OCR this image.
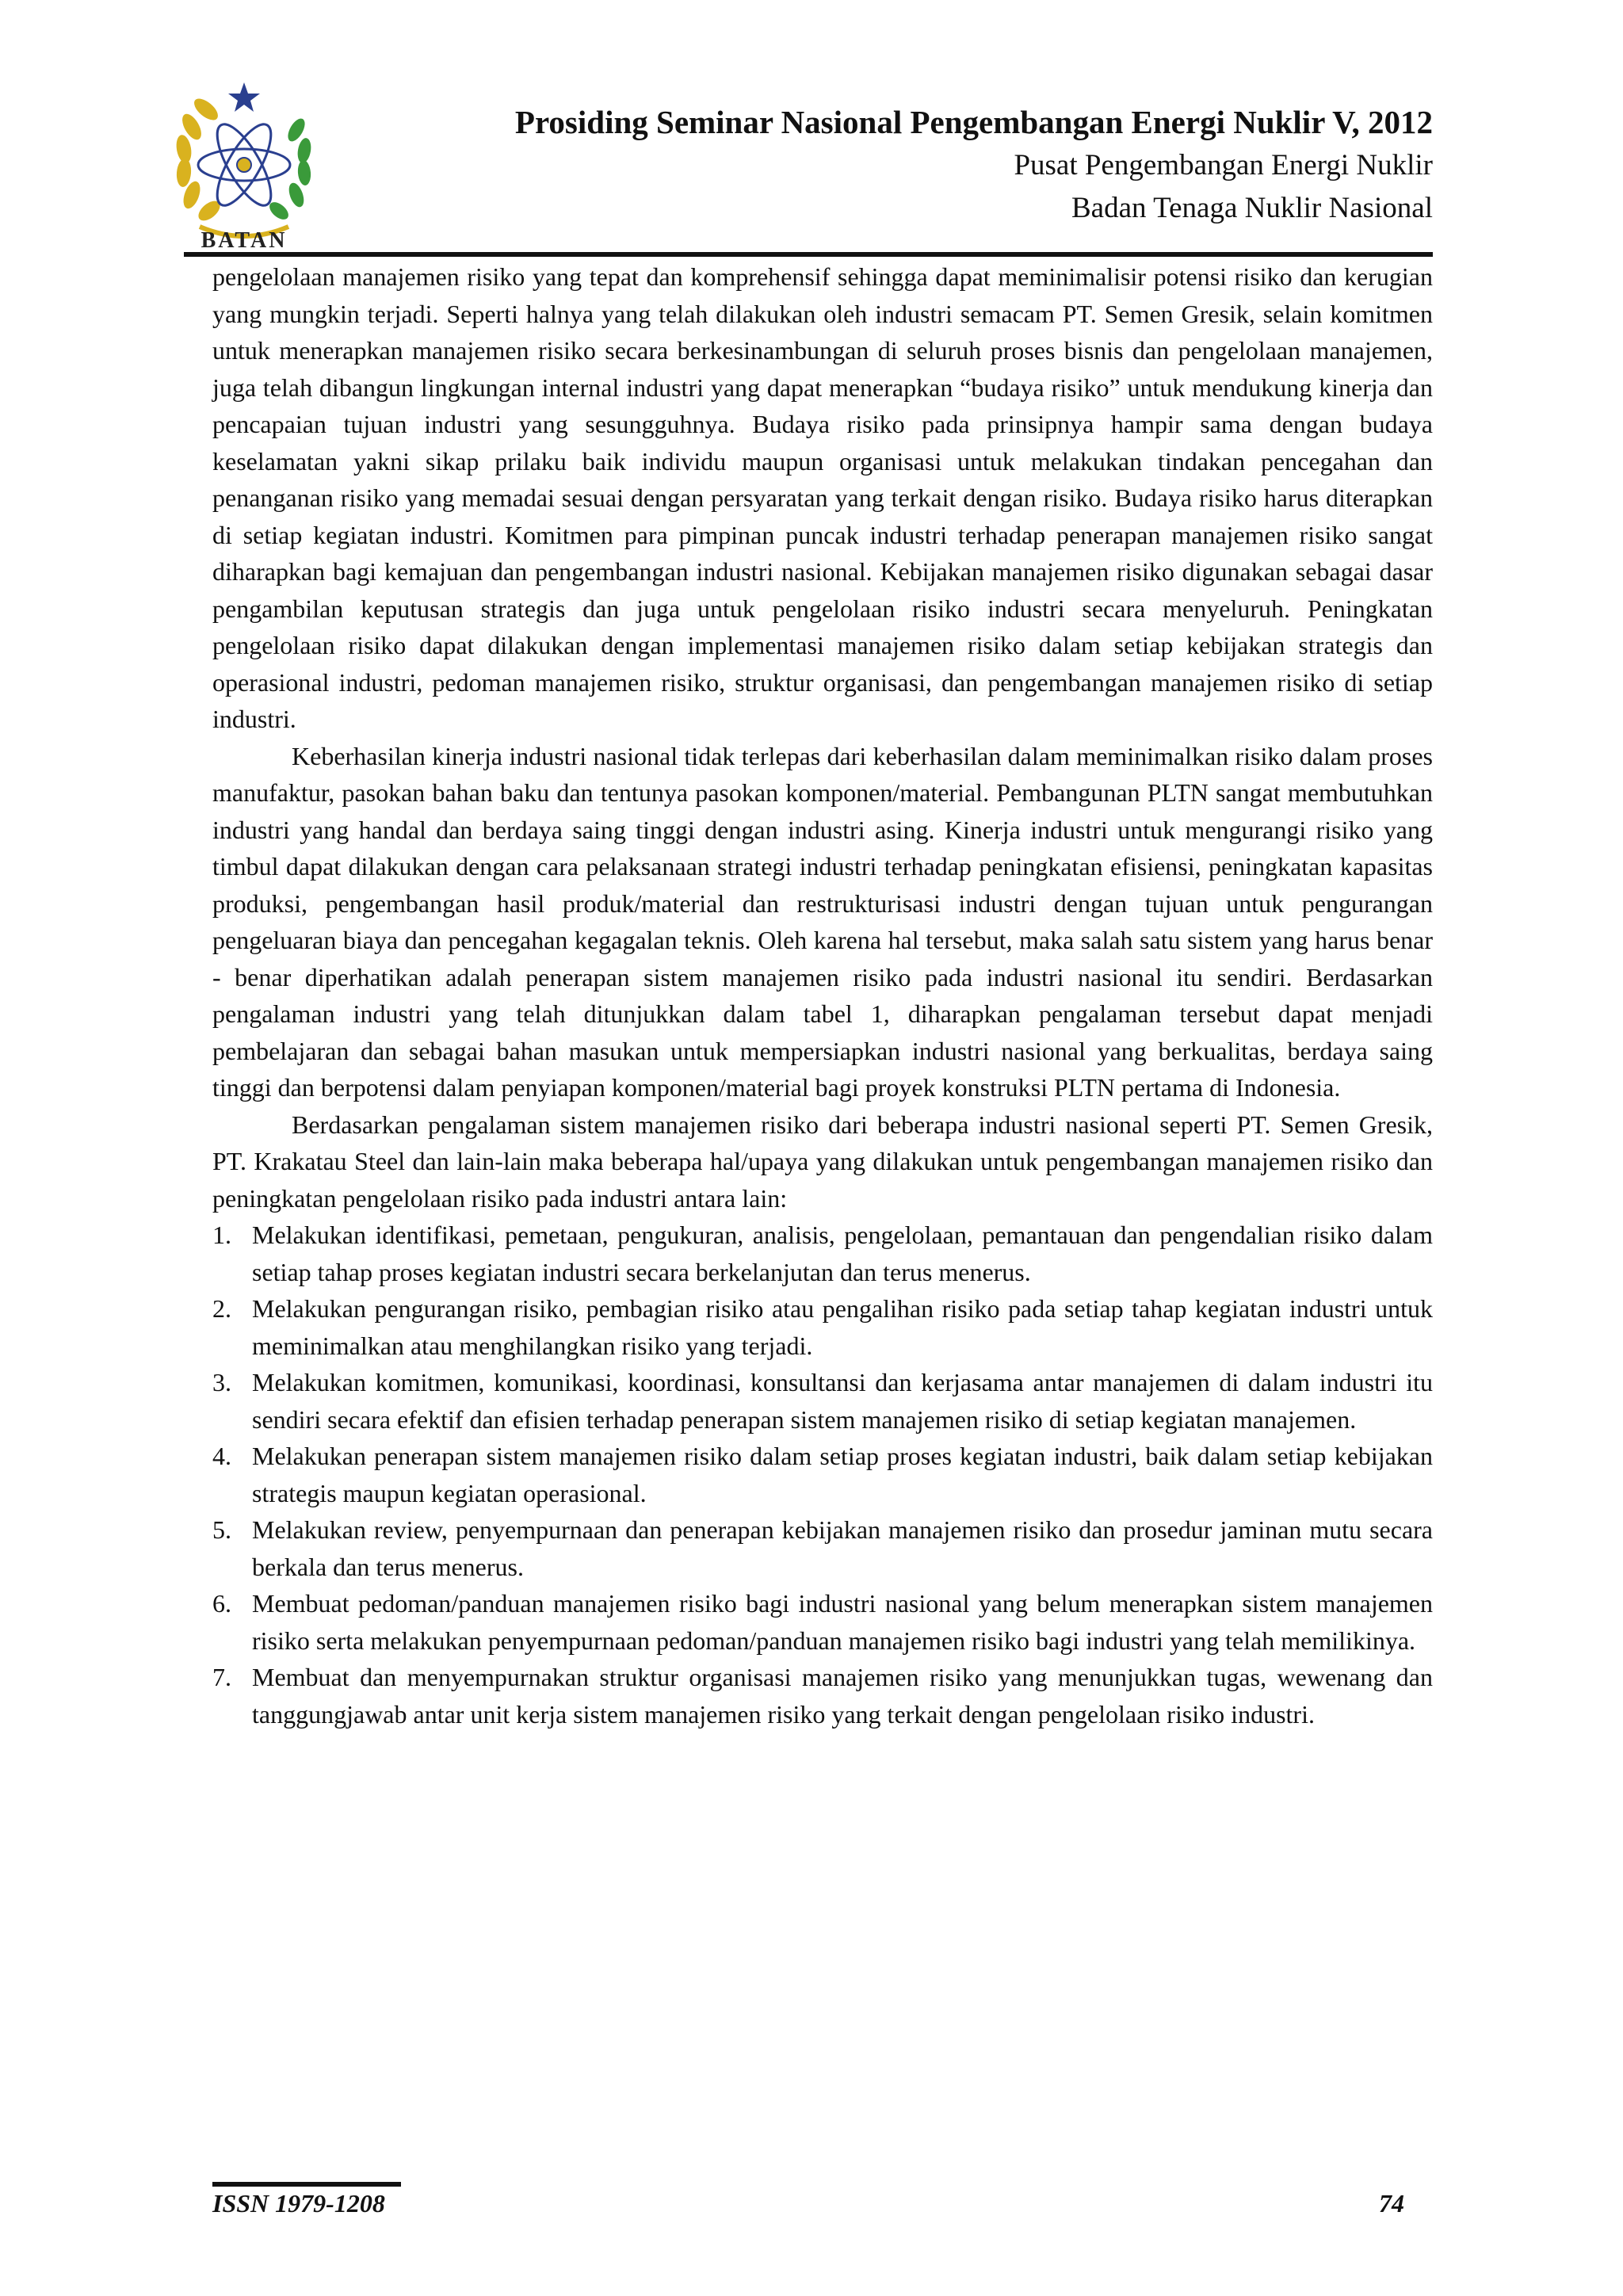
BATAN
Prosiding Seminar Nasional Pengembangan Energi Nuklir V, 2012
Pusat Pengembangan Energi Nuklir
Badan Tenaga Nuklir Nasional

pengelolaan manajemen risiko yang tepat dan komprehensif sehingga dapat meminimalisir potensi risiko dan kerugian yang mungkin terjadi. Seperti halnya yang telah dilakukan oleh industri semacam PT. Semen Gresik, selain komitmen untuk menerapkan manajemen risiko secara berkesinambungan di seluruh proses bisnis dan pengelolaan manajemen, juga telah dibangun lingkungan internal industri yang dapat menerapkan “budaya risiko” untuk mendukung kinerja dan pencapaian tujuan industri yang sesungguhnya. Budaya risiko pada prinsipnya hampir sama dengan budaya keselamatan yakni sikap prilaku baik individu maupun organisasi untuk melakukan tindakan pencegahan dan penanganan risiko yang memadai sesuai dengan persyaratan yang terkait dengan risiko. Budaya risiko harus diterapkan di setiap kegiatan industri. Komitmen para pimpinan puncak industri terhadap penerapan manajemen risiko sangat diharapkan bagi kemajuan dan pengembangan industri nasional. Kebijakan manajemen risiko digunakan sebagai dasar pengambilan keputusan strategis dan juga untuk pengelolaan risiko industri secara menyeluruh. Peningkatan pengelolaan risiko dapat dilakukan dengan implementasi manajemen risiko dalam setiap kebijakan strategis dan operasional industri, pedoman manajemen risiko, struktur organisasi, dan pengembangan manajemen risiko di setiap industri.

Keberhasilan kinerja industri nasional tidak terlepas dari keberhasilan dalam meminimalkan risiko dalam proses manufaktur, pasokan bahan baku dan tentunya pasokan komponen/material. Pembangunan PLTN sangat membutuhkan industri yang handal dan berdaya saing tinggi dengan industri asing. Kinerja industri untuk mengurangi risiko yang timbul dapat dilakukan dengan cara pelaksanaan strategi industri terhadap peningkatan efisiensi, peningkatan kapasitas produksi, pengembangan hasil produk/material dan restrukturisasi industri dengan tujuan untuk pengurangan pengeluaran biaya dan pencegahan kegagalan teknis. Oleh karena hal tersebut, maka salah satu sistem yang harus benar - benar diperhatikan adalah penerapan sistem manajemen risiko pada industri nasional itu sendiri. Berdasarkan pengalaman industri yang telah ditunjukkan dalam tabel 1, diharapkan pengalaman tersebut dapat menjadi pembelajaran dan sebagai bahan masukan untuk mempersiapkan industri nasional yang berkualitas, berdaya saing tinggi dan berpotensi dalam penyiapan komponen/material bagi proyek konstruksi PLTN pertama di Indonesia.

Berdasarkan pengalaman sistem manajemen risiko dari beberapa industri nasional seperti PT. Semen Gresik, PT. Krakatau Steel dan lain-lain maka beberapa hal/upaya yang dilakukan untuk pengembangan manajemen risiko dan peningkatan pengelolaan risiko pada industri antara lain:

1. Melakukan identifikasi, pemetaan, pengukuran, analisis, pengelolaan, pemantauan dan pengendalian risiko dalam setiap tahap proses kegiatan industri secara berkelanjutan dan terus menerus.
2. Melakukan pengurangan risiko, pembagian risiko atau pengalihan risiko pada setiap tahap kegiatan industri untuk meminimalkan atau menghilangkan risiko yang terjadi.
3. Melakukan komitmen, komunikasi, koordinasi, konsultansi dan kerjasama antar manajemen di dalam industri itu sendiri secara efektif dan efisien terhadap penerapan sistem manajemen risiko di setiap kegiatan manajemen.
4. Melakukan penerapan sistem manajemen risiko dalam setiap proses kegiatan industri, baik dalam setiap kebijakan strategis maupun kegiatan operasional.
5. Melakukan review, penyempurnaan dan penerapan kebijakan manajemen risiko dan prosedur jaminan mutu secara berkala dan terus menerus.
6. Membuat pedoman/panduan manajemen risiko bagi industri nasional yang belum menerapkan sistem manajemen risiko serta melakukan penyempurnaan pedoman/panduan manajemen risiko bagi industri yang telah memilikinya.
7. Membuat dan menyempurnakan struktur organisasi manajemen risiko yang menunjukkan tugas, wewenang dan tanggungjawab antar unit kerja sistem manajemen risiko yang terkait dengan pengelolaan risiko industri.
ISSN 1979-1208	74
